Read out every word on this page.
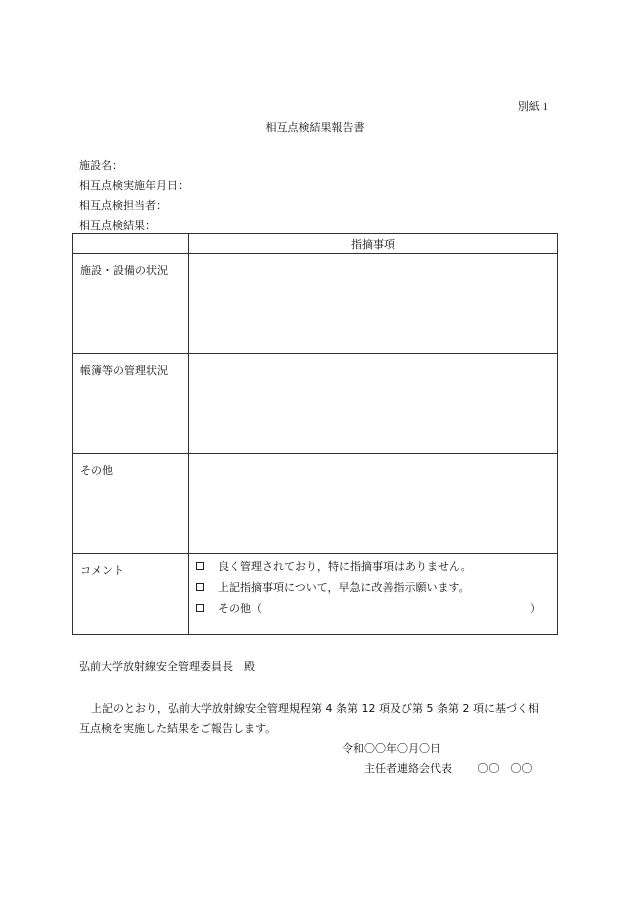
別紙 1
相互点検結果報告書
施設名：
相互点検実施年月日：
相互点検担当者：
相互点検結果：
	指摘事項

施設・設備の状況	

帳簿等の管理状況	

その他	

コメント	良く管理されており，特に指摘事項はありません。
上記指摘事項について，早急に改善指示願います。
その他（ ）
弘前大学放射線安全管理委員長　殿
上記のとおり，弘前大学放射線安全管理規程第 4 条第 12 項及び第 5 条第 2 項に基づく相
互点検を実施した結果をご報告します。
令和〇〇年〇月〇日
主任者連絡会代表 〇〇　〇〇
